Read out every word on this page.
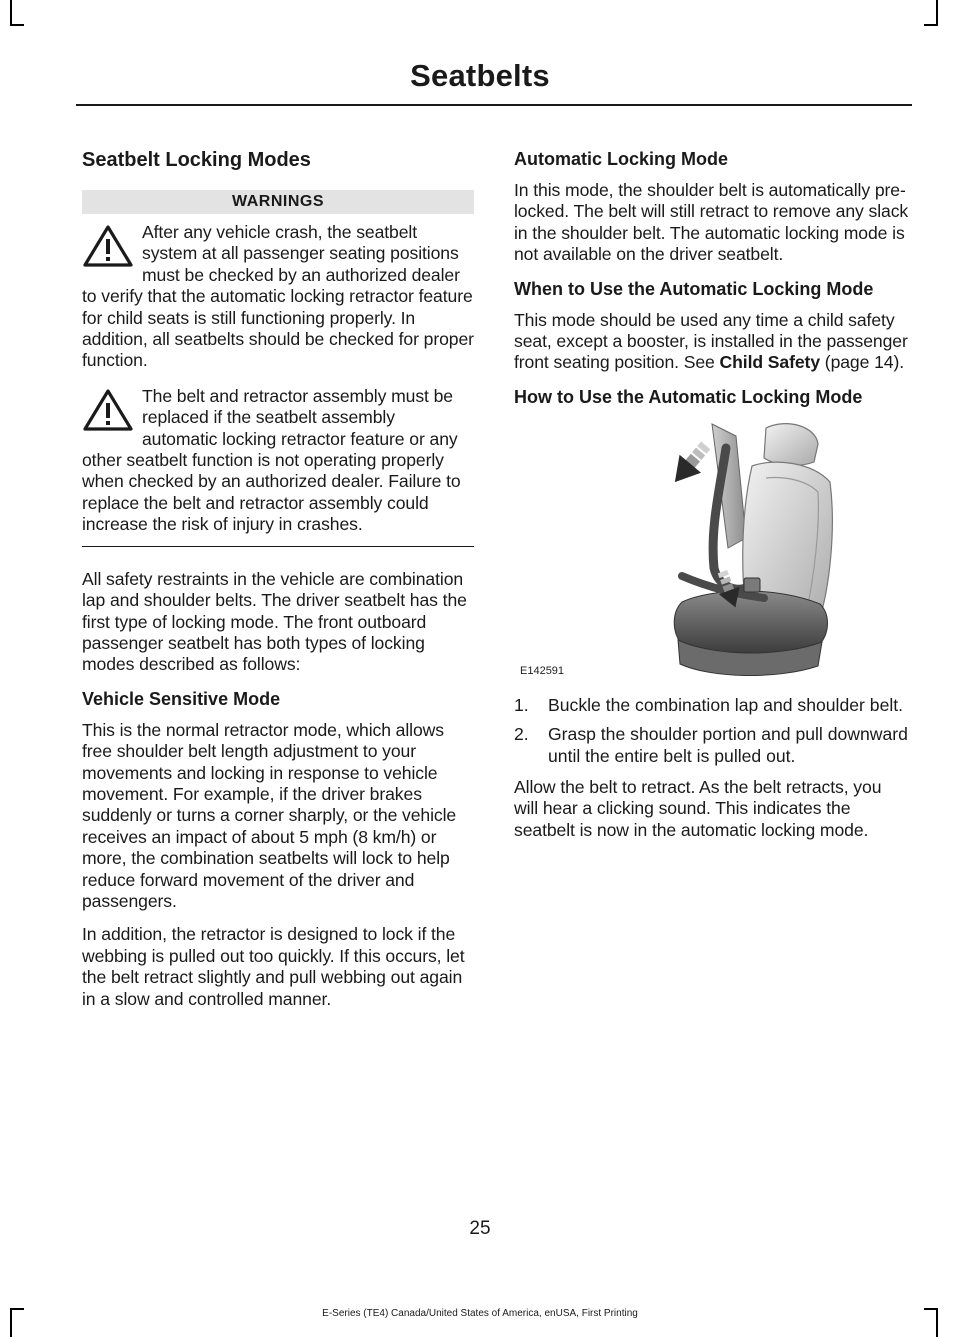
Seatbelts
Seatbelt Locking Modes
WARNINGS

After any vehicle crash, the seatbelt system at all passenger seating positions must be checked by an authorized dealer to verify that the automatic locking retractor feature for child seats is still functioning properly. In addition, all seatbelts should be checked for proper function.

The belt and retractor assembly must be replaced if the seatbelt assembly automatic locking retractor feature or any other seatbelt function is not operating properly when checked by an authorized dealer. Failure to replace the belt and retractor assembly could increase the risk of injury in crashes.

All safety restraints in the vehicle are combination lap and shoulder belts. The driver seatbelt has the first type of locking mode. The front outboard passenger seatbelt has both types of locking modes described as follows:

Vehicle Sensitive Mode

This is the normal retractor mode, which allows free shoulder belt length adjustment to your movements and locking in response to vehicle movement. For example, if the driver brakes suddenly or turns a corner sharply, or the vehicle receives an impact of about 5 mph (8 km/h) or more, the combination seatbelts will lock to help reduce forward movement of the driver and passengers.

In addition, the retractor is designed to lock if the webbing is pulled out too quickly. If this occurs, let the belt retract slightly and pull webbing out again in a slow and controlled manner.

Automatic Locking Mode

In this mode, the shoulder belt is automatically pre-locked. The belt will still retract to remove any slack in the shoulder belt. The automatic locking mode is not available on the driver seatbelt.

When to Use the Automatic Locking Mode

This mode should be used any time a child safety seat, except a booster, is installed in the passenger front seating position. See Child Safety (page 14).

How to Use the Automatic Locking Mode
E142591
1. Buckle the combination lap and shoulder belt.
2. Grasp the shoulder portion and pull downward until the entire belt is pulled out.

Allow the belt to retract. As the belt retracts, you will hear a clicking sound. This indicates the seatbelt is now in the automatic locking mode.

25
E-Series (TE4) Canada/United States of America, enUSA, First Printing
